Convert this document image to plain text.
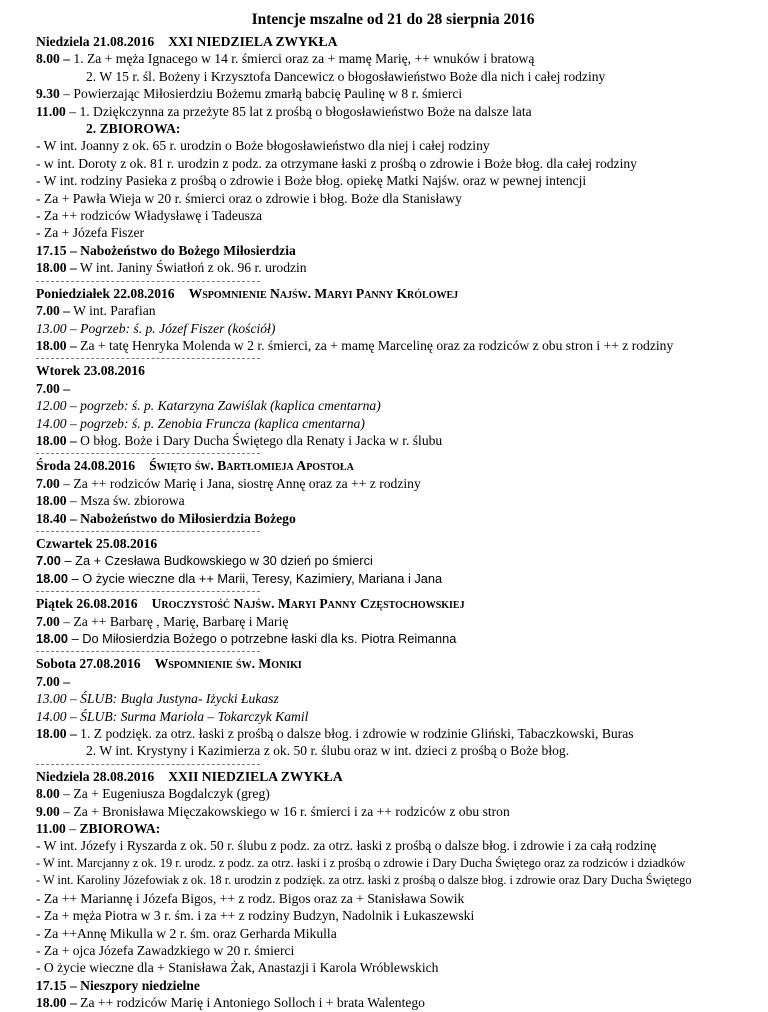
Intencje mszalne od 21 do 28 sierpnia 2016
Niedziela 21.08.2016 XXI NIEDZIELA ZWYKŁA
8.00 – 1. Za + męża Ignacego w 14 r. śmierci oraz za + mamę Marię, ++ wnuków i bratową
2. W 15 r. śl. Bożeny i Krzysztofa Dancewicz o błogosławieństwo Boże dla nich i całej rodziny
9.30 – Powierzając Miłosierdziu Bożemu zmarłą babcię Paulinę w 8 r. śmierci
11.00 – 1. Dziękczynna za przeżyte 85 lat z prośbą o błogosławieństwo Boże na dalsze lata
2. ZBIOROWA:
- W int. Joanny z ok. 65 r. urodzin o Boże błogosławieństwo dla niej i całej rodziny
- w int. Doroty z ok. 81 r. urodzin z podz. za otrzymane łaski z prośbą o zdrowie i Boże błog. dla całej rodziny
- W int. rodziny Pasieka z prośbą o zdrowie i Boże błog. opiekę Matki Najśw. oraz w pewnej intencji
- Za + Pawła Wieja w 20 r. śmierci oraz o zdrowie i błog. Boże dla Stanisławy
- Za ++ rodziców Władysławę i Tadeusza
- Za + Józefa Fiszer
17.15 – Nabożeństwo do Bożego Miłosierdzia
18.00 – W int. Janiny Światłoń z ok. 96 r. urodzin
Poniedziałek 22.08.2016 Wspomnienie Najśw. Maryi Panny Królowej
7.00 – W int. Parafian
13.00 – Pogrzeb: ś. p. Józef Fiszer (kościół)
18.00 – Za + tatę Henryka Molenda w 2 r. śmierci, za + mamę Marcelinę oraz za rodziców z obu stron i ++ z rodziny
Wtorek 23.08.2016
7.00 –
12.00 – pogrzeb: ś. p. Katarzyna Zawiślak (kaplica cmentarna)
14.00 – pogrzeb: ś. p. Zenobia Fruncza (kaplica cmentarna)
18.00 – O błog. Boże i Dary Ducha Świętego dla Renaty i Jacka w r. ślubu
Środa 24.08.2016 Święto św. Bartłomieja Apostoła
7.00 – Za ++ rodziców Marię i Jana, siostrę Annę oraz za ++ z rodziny
18.00 – Msza św. zbiorowa
18.40 – Nabożeństwo do Miłosierdzia Bożego
Czwartek 25.08.2016
7.00 – Za + Czesława Budkowskiego w 30 dzień po śmierci
18.00 – O życie wieczne dla ++ Marii, Teresy, Kazimiery, Mariana i Jana
Piątek 26.08.2016 Uroczystość Najśw. Maryi Panny Częstochowskiej
7.00 – Za ++ Barbarę , Marię, Barbarę i Marię
18.00 – Do Miłosierdzia Bożego o potrzebne łaski dla ks. Piotra Reimanna
Sobota 27.08.2016 Wspomnienie św. Moniki
7.00 –
13.00 – ŚLUB: Bugla Justyna- Iżycki Łukasz
14.00 – ŚLUB: Surma Mariola – Tokarczyk Kamil
18.00 – 1. Z podzięk. za otrz. łaski z prośbą o dalsze błog. i zdrowie w rodzinie Gliński, Tabaczkowski, Buras
2. W int. Krystyny i Kazimierza z ok. 50 r. ślubu oraz w int. dzieci z prośbą o Boże błog.
Niedziela 28.08.2016 XXII NIEDZIELA ZWYKŁA
8.00 – Za + Eugeniusza Bogdalczyk (greg)
9.00 – Za + Bronisława Mięczakowskiego w 16 r. śmierci i za ++ rodziców z obu stron
11.00 – ZBIOROWA:
- W int. Józefy i Ryszarda z ok. 50 r. ślubu z podz. za otrz. łaski z prośbą o dalsze błog. i zdrowie i za całą rodzinę
- W int. Marcjanny z ok. 19 r. urodz. z podz. za otrz. łaski i z prośbą o zdrowie i Dary Ducha Świętego oraz za rodziców i dziadków
- W int. Karoliny Józefowiak z ok. 18 r. urodzin z podzięk. za otrz. łaski z prośbą o dalsze błog. i zdrowie oraz Dary Ducha Świętego
- Za ++ Mariannę i Józefa Bigos, ++ z rodz. Bigos oraz za + Stanisława Sowik
- Za + męża Piotra w 3 r. śm. i za ++ z rodziny Budzyn, Nadolnik i Łukaszewski
- Za ++Annę Mikulla w 2 r. śm. oraz Gerharda Mikulla
- Za + ojca Józefa Zawadzkiego w 20 r. śmierci
- O życie wieczne dla + Stanisława Żak, Anastazji i Karola Wróblewskich
17.15 – Nieszpory niedzielne
18.00 – Za ++ rodziców Marię i Antoniego Solloch i + brata Walentego
